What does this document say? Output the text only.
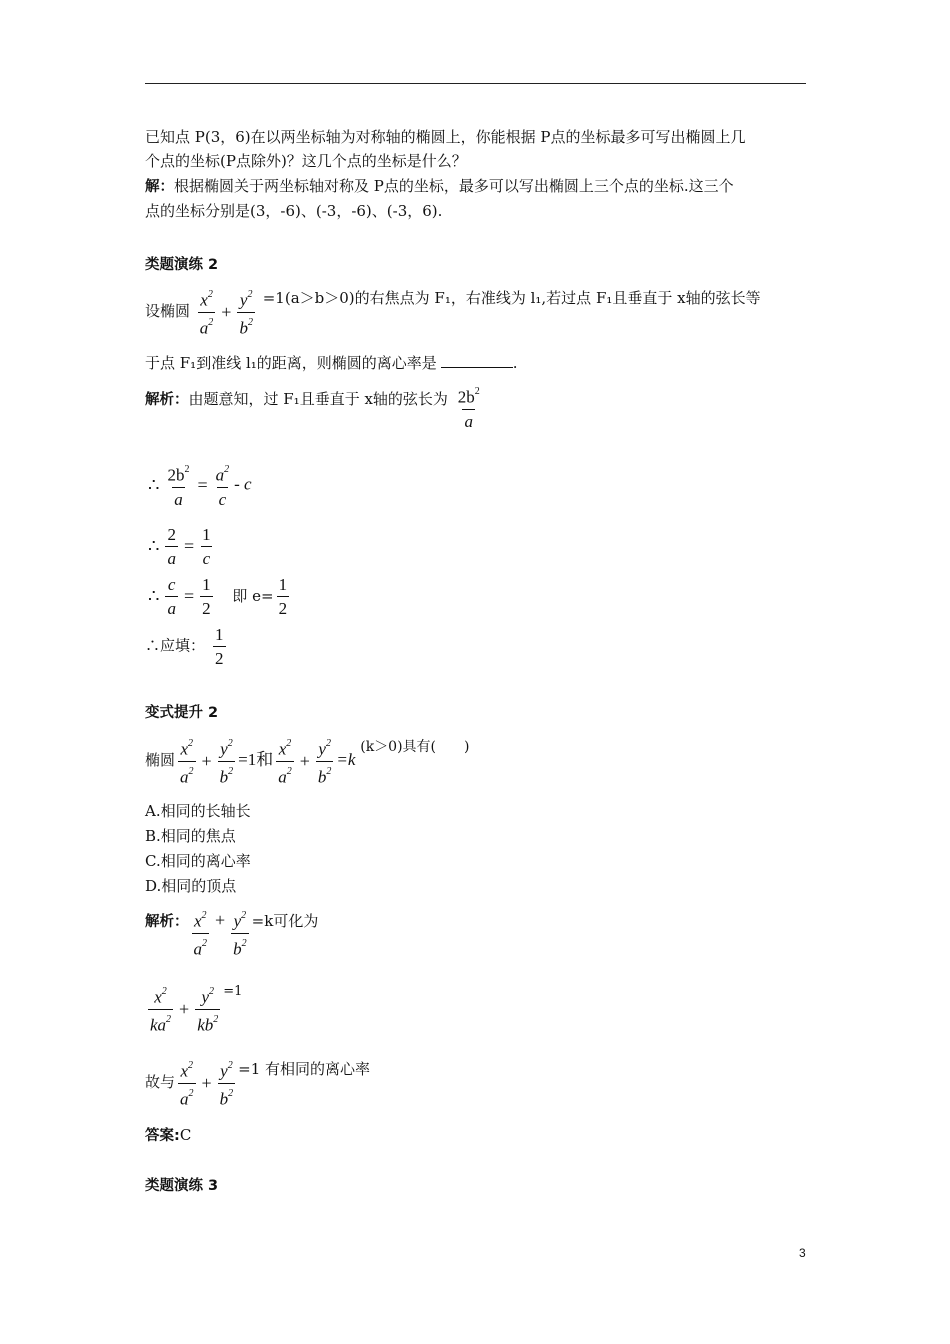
已知点 P(3，6)在以两坐标轴为对称轴的椭圆上，你能根据 P点的坐标最多可写出椭圆上几
个点的坐标(P点除外)？这几个点的坐标是什么？
解：根据椭圆关于两坐标轴对称及 P点的坐标，最多可以写出椭圆上三个点的坐标.这三个
点的坐标分别是(3，-6)、(-3，-6)、(-3，6).
类题演练 2
设椭圆 $\frac{x^2}{a^2} + \frac{y^2}{b^2} =1(a>b>0)$的右焦点为 F₁，右准线为 l₁,若过点 F₁且垂直于 x轴的弦长等
于点 F₁到准线 l₁的距离，则椭圆的离心率是	.
解析：由题意知，过 F₁且垂直于 x轴的弦长为 $\frac{2b^2}{a}$
∴ $\frac{2b^2}{a} = \frac{a^2}{c} - c$
∴ $\frac{2}{a} = \frac{1}{c}$
∴ $\frac{c}{a} = \frac{1}{2}$ 即 $e= \frac{1}{2}$
∴应填： $\frac{1}{2}$
变式提升 2
椭圆 $\frac{x^2}{a^2} + \frac{y^2}{b^2} =1$和 $\frac{x^2}{a^2} + \frac{y^2}{b^2} =k$ (k＞0)具有(　　)
A.相同的长轴长
B.相同的焦点
C.相同的离心率
D.相同的顶点
解析： $\frac{x^2}{a^2} + \frac{y^2}{b^2} =k$可化为
$\frac{x^2}{ka^2} + \frac{y^2}{kb^2} =1$
故与 $\frac{x^2}{a^2} + \frac{y^2}{b^2} =1$ 有相同的离心率
答案:C
类题演练 3
3
